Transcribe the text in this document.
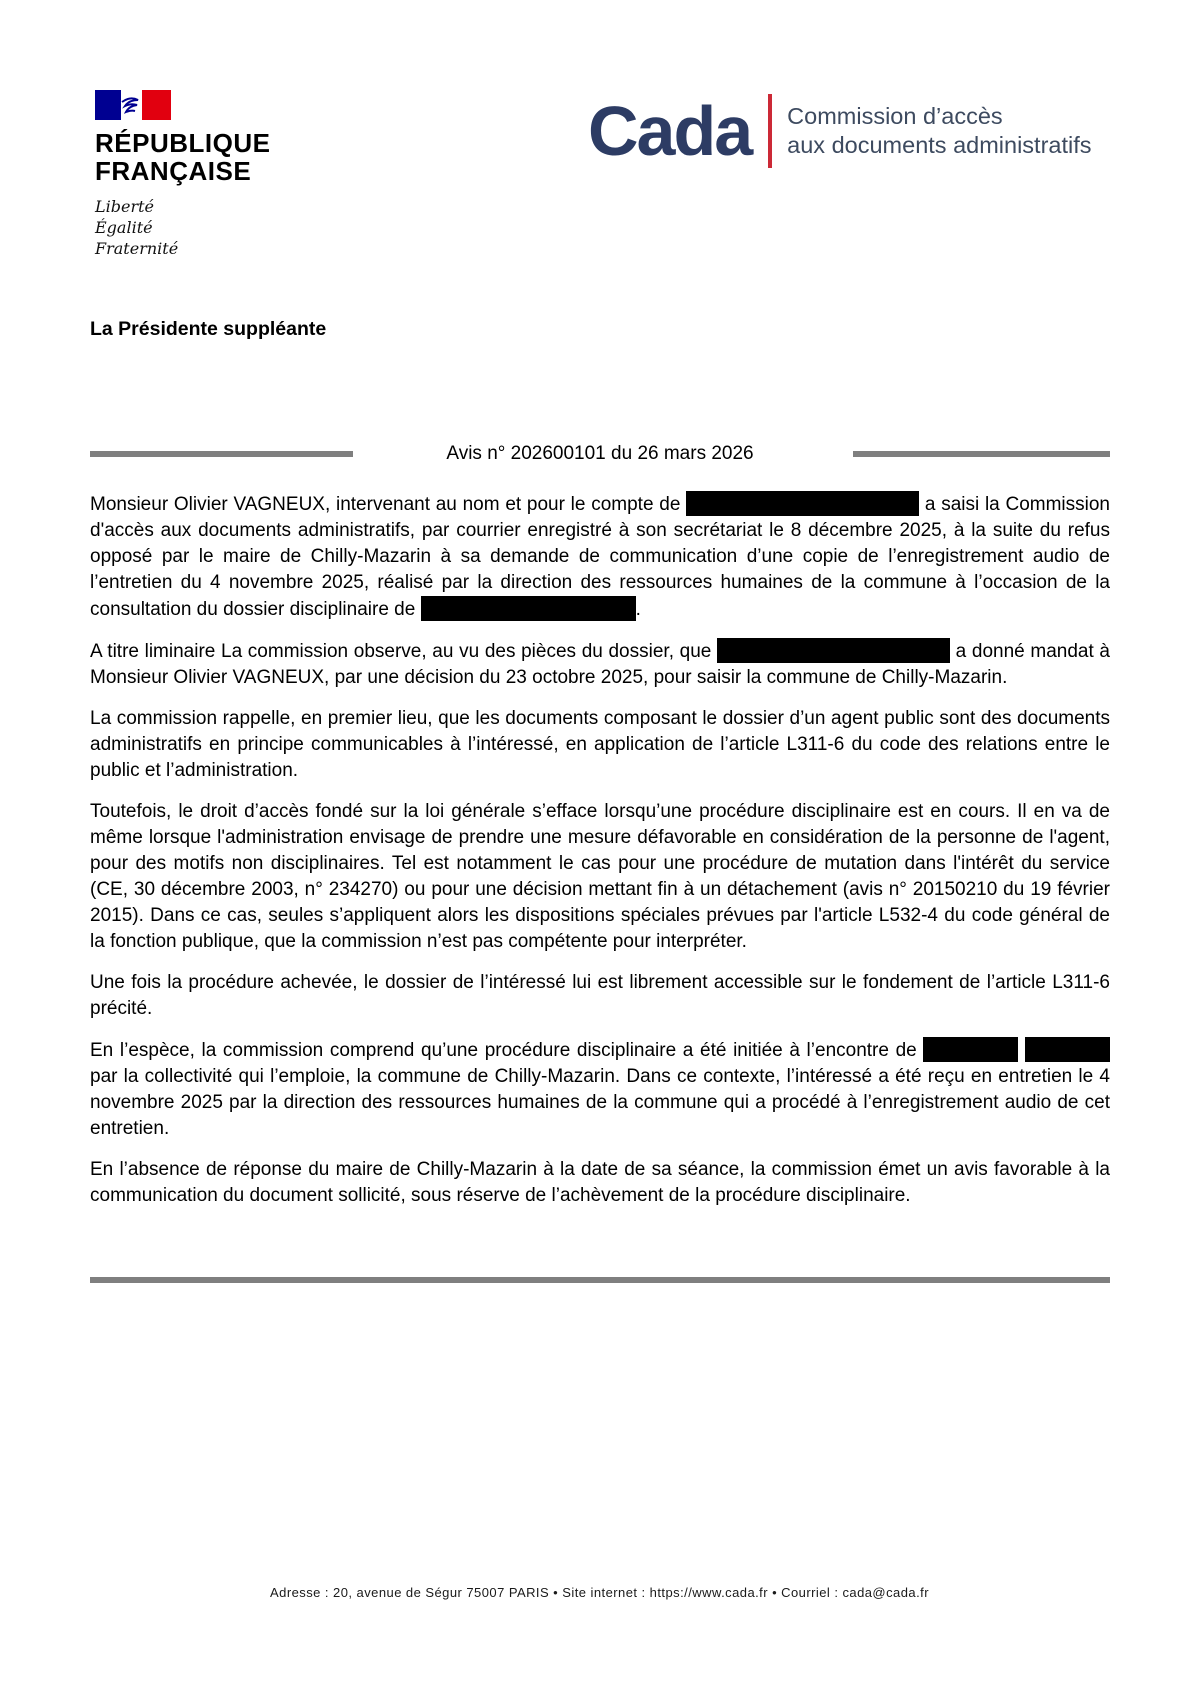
RÉPUBLIQUE
FRANÇAISE
Liberté
Égalité
Fraternité
Cada Commission d’accès
aux documents administratifs
La Présidente suppléante
Avis n° 202600101 du 26 mars 2026

Monsieur Olivier VAGNEUX, intervenant au nom et pour le compte de	a saisi la Commission d'accès aux documents administratifs, par courrier enregistré à son secrétariat le 8 décembre 2025, à la suite du refus opposé par le maire de Chilly-Mazarin à sa demande de communication d’une copie de l’enregistrement audio de l’entretien du 4 novembre 2025, réalisé par la direction des ressources humaines de la commune à l’occasion de la consultation du dossier disciplinaire de	.

A titre liminaire La commission observe, au vu des pièces du dossier, que	a donné mandat à Monsieur Olivier VAGNEUX, par une décision du 23 octobre 2025, pour saisir la commune de Chilly-Mazarin.

La commission rappelle, en premier lieu, que les documents composant le dossier d’un agent public sont des documents administratifs en principe communicables à l’intéressé, en application de l’article L311-6 du code des relations entre le public et l’administration.

Toutefois, le droit d’accès fondé sur la loi générale s’efface lorsqu’une procédure disciplinaire est en cours. Il en va de même lorsque l'administration envisage de prendre une mesure défavorable en considération de la personne de l'agent, pour des motifs non disciplinaires. Tel est notamment le cas pour une procédure de mutation dans l'intérêt du service (CE, 30 décembre 2003, n° 234270) ou pour une décision mettant fin à un détachement (avis n° 20150210 du 19 février 2015). Dans ce cas, seules s’appliquent alors les dispositions spéciales prévues par l'article L532-4 du code général de la fonction publique, que la commission n’est pas compétente pour interpréter.

Une fois la procédure achevée, le dossier de l’intéressé lui est librement accessible sur le fondement de l’article L311-6 précité.

En l’espèce, la commission comprend qu’une procédure disciplinaire a été initiée à l’encontre de   par la collectivité qui l’emploie, la commune de Chilly-Mazarin. Dans ce contexte, l’intéressé a été reçu en entretien le 4 novembre 2025 par la direction des ressources humaines de la commune qui a procédé à l’enregistrement audio de cet entretien.

En l’absence de réponse du maire de Chilly-Mazarin à la date de sa séance, la commission émet un avis favorable à la communication du document sollicité, sous réserve de l’achèvement de la procédure disciplinaire.

Adresse : 20, avenue de Ségur 75007 PARIS • Site internet : https://www.cada.fr • Courriel : cada@cada.fr
